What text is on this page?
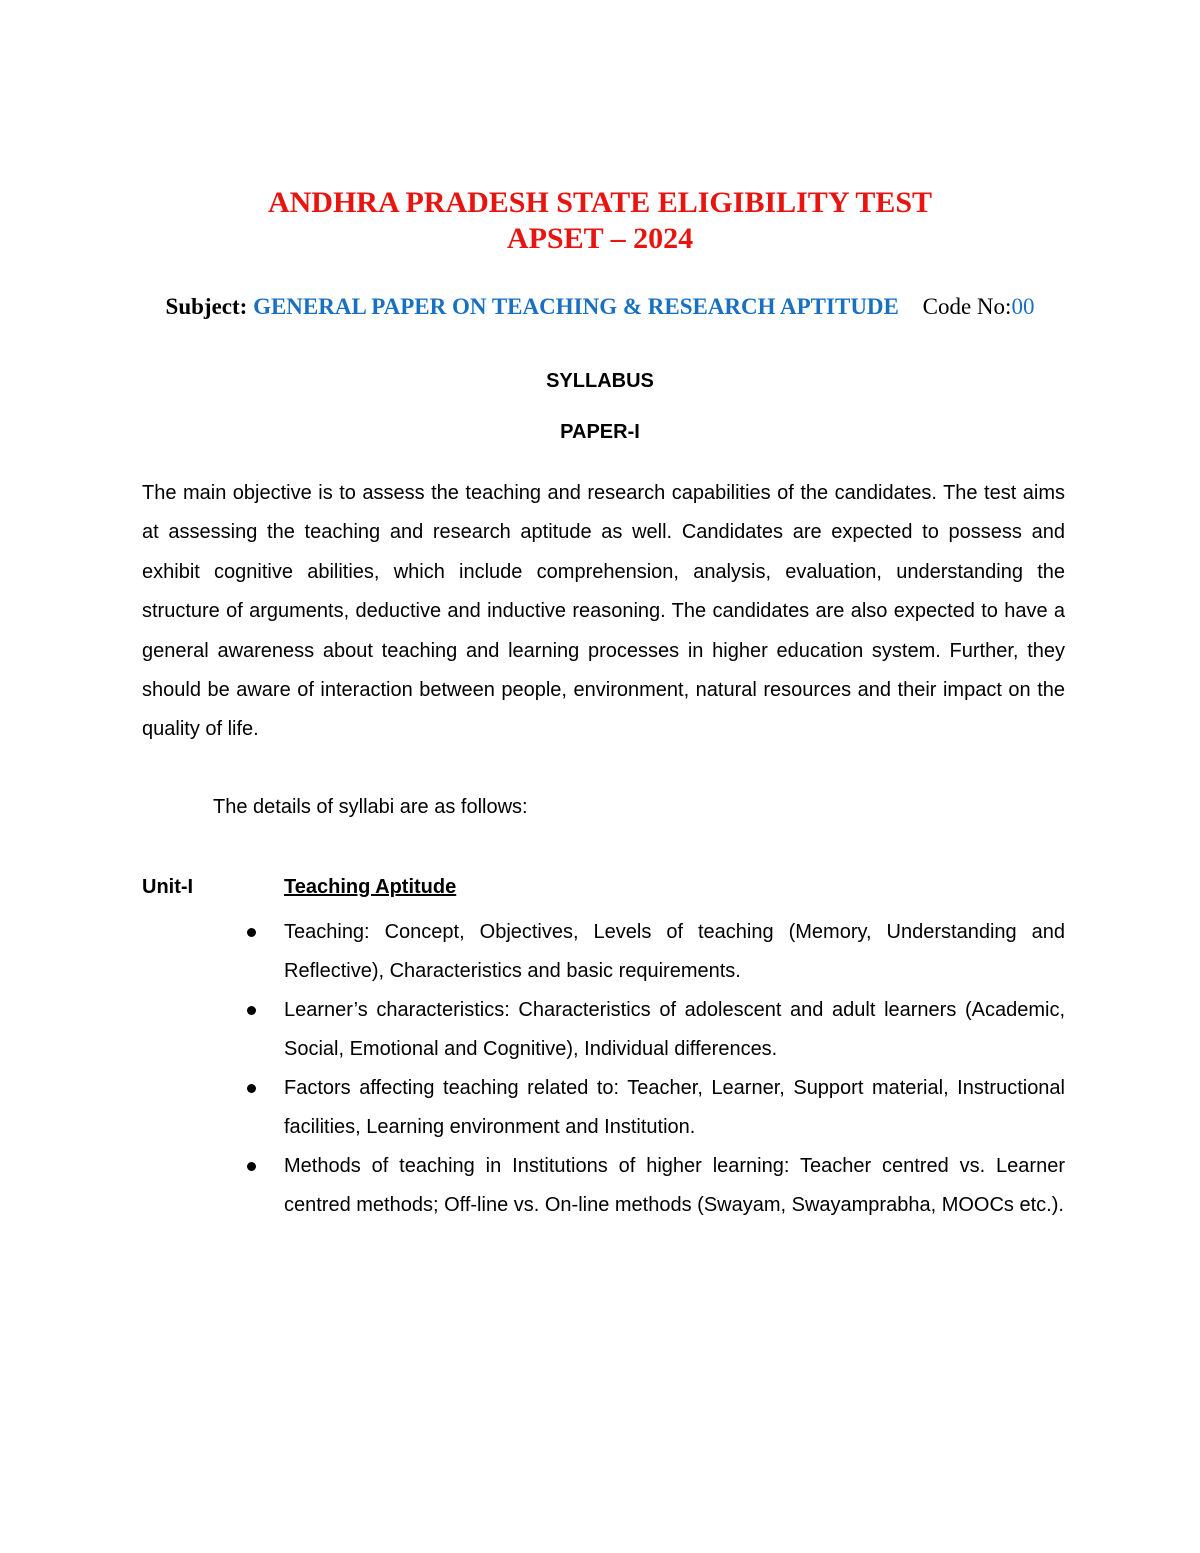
ANDHRA PRADESH STATE ELIGIBILITY TEST
APSET – 2024
Subject: GENERAL PAPER ON TEACHING & RESEARCH APTITUDE Code No:00
SYLLABUS
PAPER-I
The main objective is to assess the teaching and research capabilities of the candidates. The test aims at assessing the teaching and research aptitude as well. Candidates are expected to possess and exhibit cognitive abilities, which include comprehension, analysis, evaluation, understanding the structure of arguments, deductive and inductive reasoning. The candidates are also expected to have a general awareness about teaching and learning processes in higher education system. Further, they should be aware of interaction between people, environment, natural resources and their impact on the quality of life.
The details of syllabi are as follows:
Unit-I	Teaching Aptitude
Teaching: Concept, Objectives, Levels of teaching (Memory, Understanding and Reflective), Characteristics and basic requirements.
Learner’s characteristics: Characteristics of adolescent and adult learners (Academic, Social, Emotional and Cognitive), Individual differences.
Factors affecting teaching related to: Teacher, Learner, Support material, Instructional facilities, Learning environment and Institution.
Methods of teaching in Institutions of higher learning: Teacher centred vs. Learner centred methods; Off-line vs. On-line methods (Swayam, Swayamprabha, MOOCs etc.).
